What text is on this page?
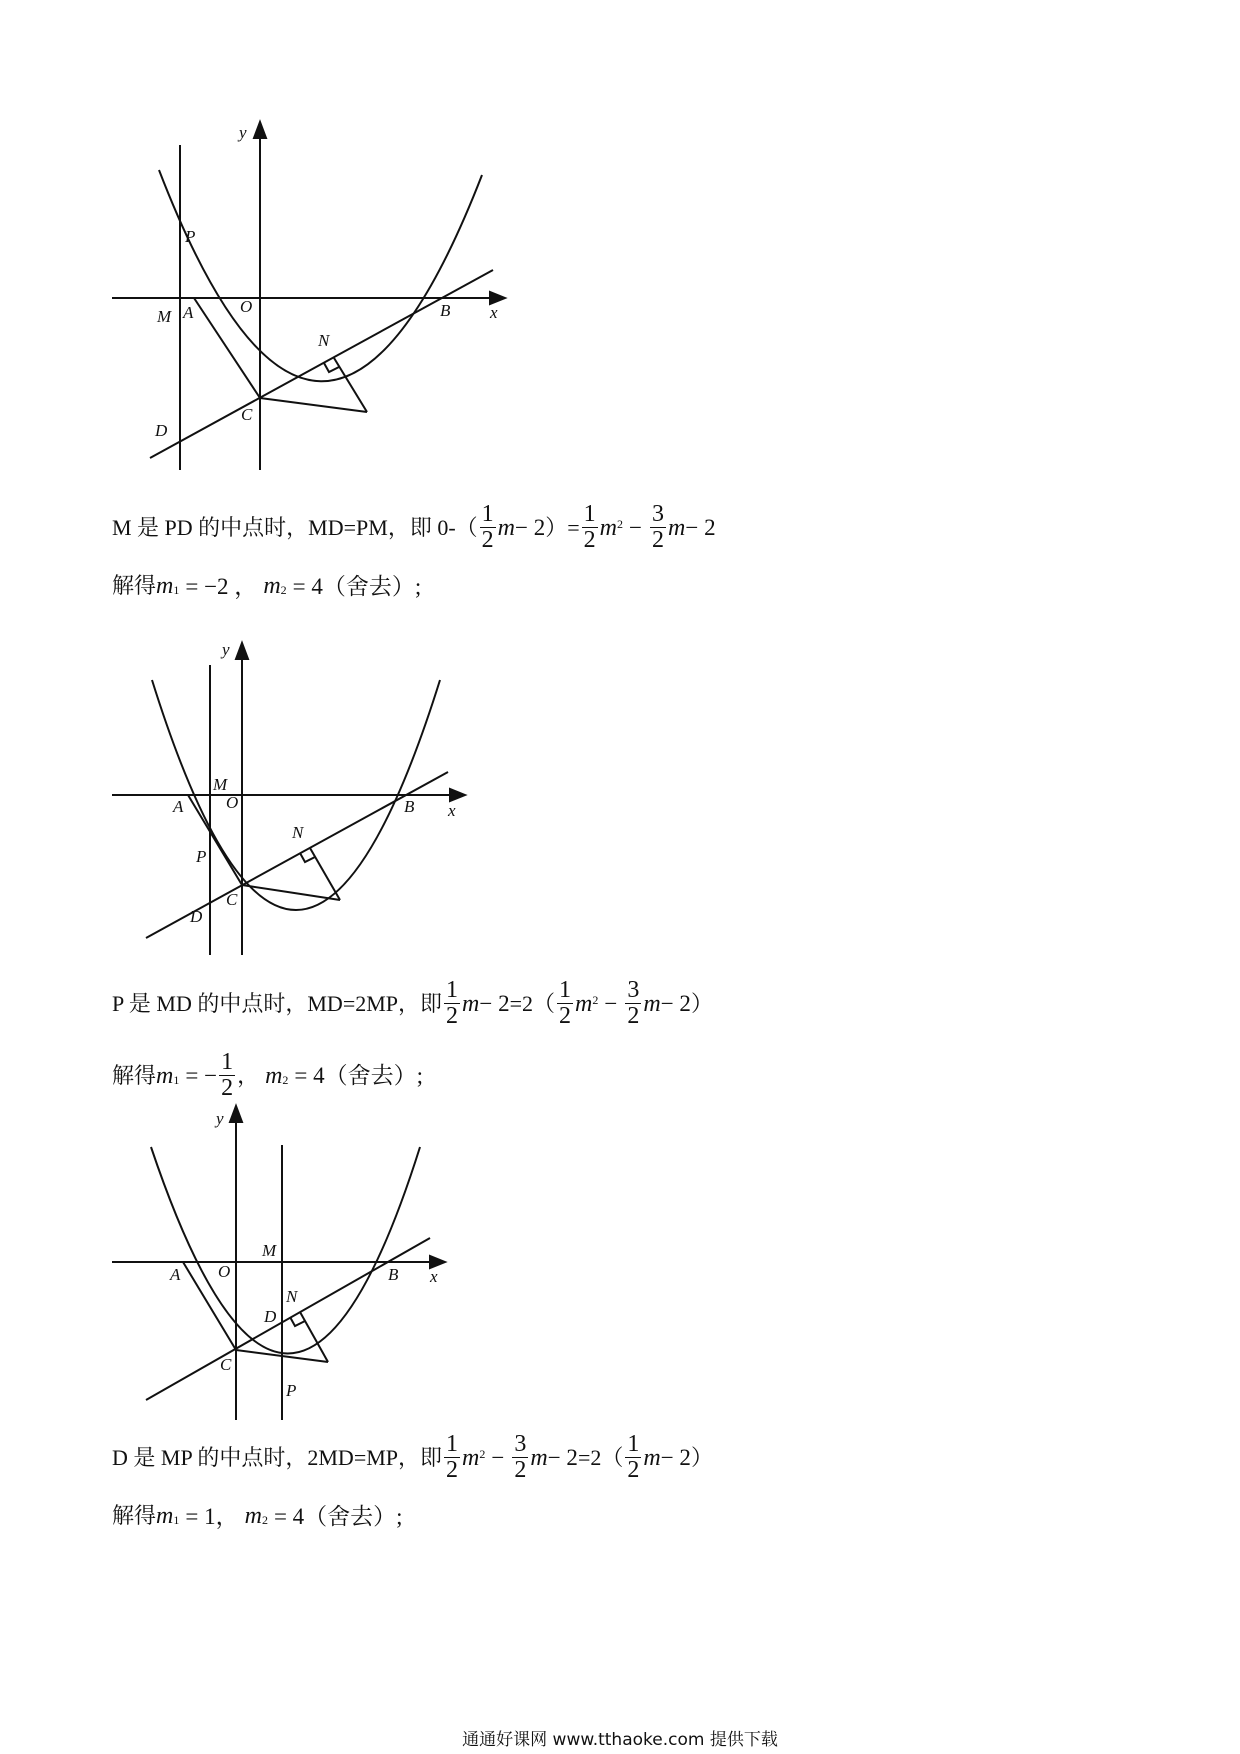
y
x
O
A	B
C
D
M
N
P
M 是 PD 的中点时，MD=PM，即 $0-( \frac{1}{2}$ m − 2 ）= $\frac{1}{2} m^2 - \frac{3}{2}$ m − 2
解得 $m_1 = -2$ ， $m_2 = 4$（舍去）;
y
x
O
A	B
C
D
M
N
P
P 是 MD 的中点时，MD=2MP，即 $\frac{1}{2}$ $m - 2 =2( \frac{1}{2} m^2 - \frac{3}{2}$ m − 2 ）
解得 $m_1$ = − $\frac{1}{2}$ ， $m_2 = 4$（舍去）;
y
x
O
A	B
C
D
M
N
P
D 是 MP 的中点时，2MD=MP，即 $\frac{1}{2} m^2 - \frac{3}{2}$ $m - 2 =2( \frac{1}{2}$ m − 2 ）
解得 $m_1 = 1$， $m_2 = 4$（舍去）;
通通好课网 www.tthaoke.com 提供下载
